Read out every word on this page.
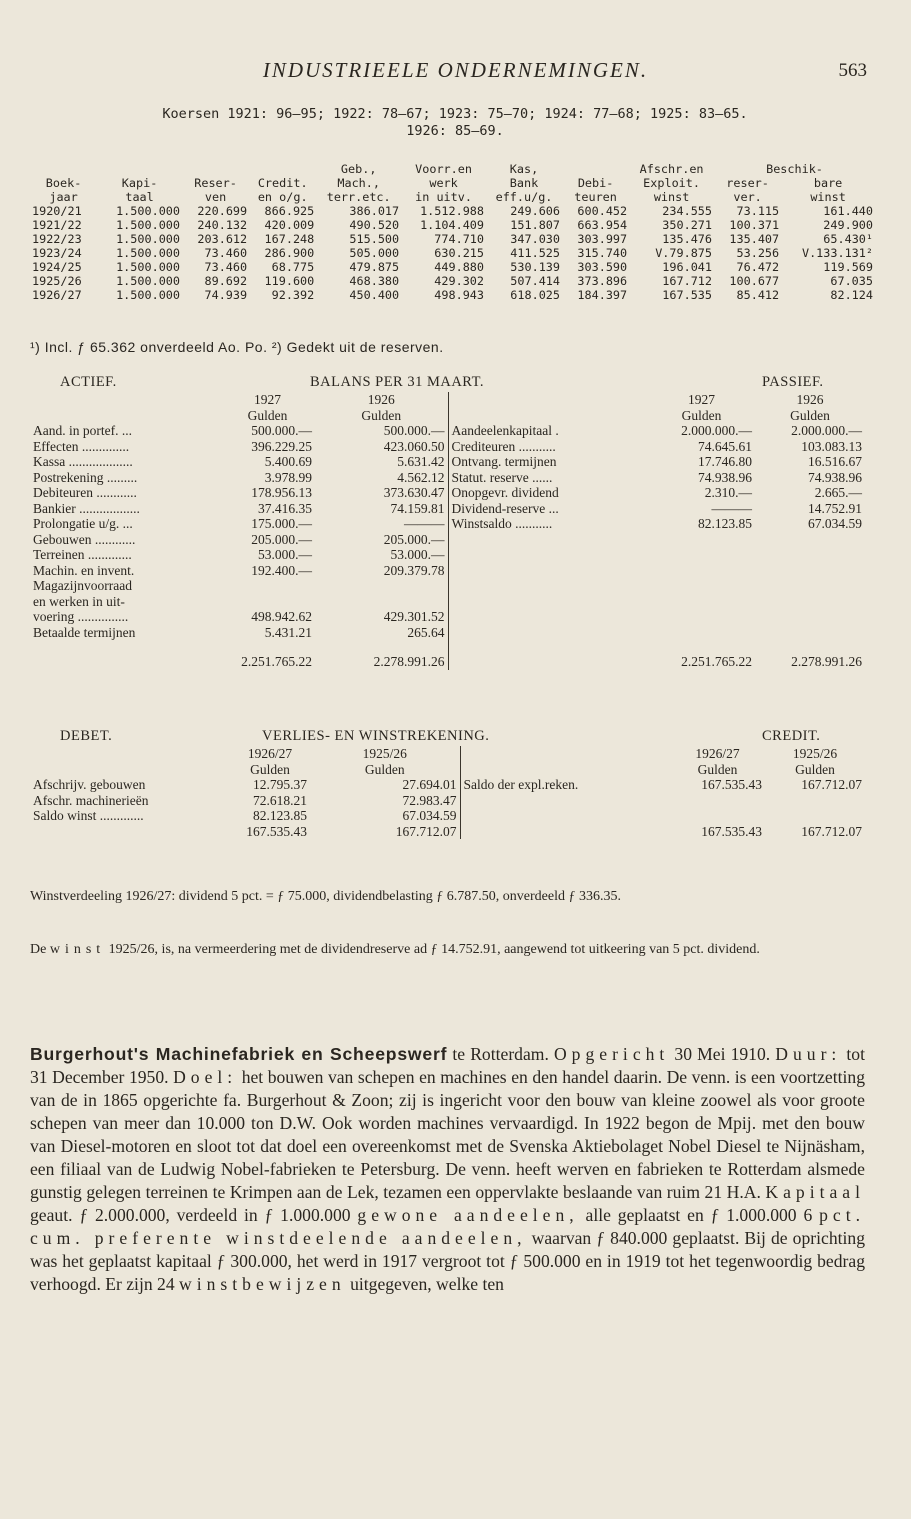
INDUSTRIEELE ONDERNEMINGEN.	563
Koersen 1921: 96—95; 1922: 78—67; 1923: 75—70; 1924: 77—68; 1925: 83—65.
1926: 85—69.
				Geb.,	Voorr.en	Kas,		Afschr.en	Beschik-	
Boek-	Kapi-	Reser-	Credit.	Mach.,	werk	Bank	Debi-	Exploit.	reser-	bare
jaar	taal	ven	en o/g.	terr.etc.	in uitv.	eff.u/g.	teuren	winst	ver.	winst
1920/21	1.500.000	220.699	866.925	386.017	1.512.988	249.606	600.452	234.555	73.115	161.440
1921/22	1.500.000	240.132	420.009	490.520	1.104.409	151.807	663.954	350.271	100.371	249.900
1922/23	1.500.000	203.612	167.248	515.500	774.710	347.030	303.997	135.476	135.407	65.430¹
1923/24	1.500.000	73.460	286.900	505.000	630.215	411.525	315.740	V.79.875	53.256	V.133.131²
1924/25	1.500.000	73.460	68.775	479.875	449.880	530.139	303.590	196.041	76.472	119.569
1925/26	1.500.000	89.692	119.600	468.380	429.302	507.414	373.896	167.712	100.677	67.035
1926/27	1.500.000	74.939	92.392	450.400	498.943	618.025	184.397	167.535	85.412	82.124
¹) Incl. ƒ 65.362 onverdeeld Ao. Po. ²) Gedekt uit de reserven.
ACTIEF.	BALANS PER 31 MAART.	PASSIEF.
	1927	1926		1927	1926
	Gulden	Gulden		Gulden	Gulden
Aand. in portef. ...	500.000.—	500.000.—	Aandeelenkapitaal .	2.000.000.—	2.000.000.—
Effecten ..............	396.229.25	423.060.50	Crediteuren ...........	74.645.61	103.083.13
Kassa ...................	5.400.69	5.631.42	Ontvang. termijnen	17.746.80	16.516.67
Postrekening .........	3.978.99	4.562.12	Statut. reserve ......	74.938.96	74.938.96
Debiteuren ............	178.956.13	373.630.47	Onopgevr. dividend	2.310.—	2.665.—
Bankier ..................	37.416.35	74.159.81	Dividend-reserve ...	———	14.752.91
Prolongatie u/g. ...	175.000.—	———	Winstsaldo ...........	82.123.85	67.034.59
Gebouwen ............	205.000.—	205.000.—			
Terreinen .............	53.000.—	53.000.—			
Machin. en invent.	192.400.—	209.379.78			
Magazijnvoorraad					
en werken in uit-					
voering ...............	498.942.62	429.301.52			
Betaalde termijnen	5.431.21	265.64			
	2.251.765.22	2.278.991.26		2.251.765.22	2.278.991.26
DEBET.	VERLIES- EN WINSTREKENING.	CREDIT.
	1926/27	1925/26		1926/27	1925/26
	Gulden	Gulden		Gulden	Gulden
Afschrijv. gebouwen	12.795.37	27.694.01	Saldo der expl.reken.	167.535.43	167.712.07
Afschr. machinerieën	72.618.21	72.983.47			
Saldo winst .............	82.123.85	67.034.59			
	167.535.43	167.712.07		167.535.43	167.712.07
Winstverdeeling 1926/27: dividend 5 pct. = ƒ 75.000, dividendbelasting ƒ 6.787.50, onverdeeld ƒ 336.35.
De winst 1925/26, is, na vermeerdering met de dividendreserve ad ƒ 14.752.91, aangewend tot uitkeering van 5 pct. dividend.
Burgerhout's Machinefabriek en Scheepswerf te Rotterdam. Opgericht 30 Mei 1910. Duur: tot 31 December 1950. Doel: het bouwen van schepen en machines en den handel daarin. De venn. is een voortzetting van de in 1865 opgerichte fa. Burgerhout & Zoon; zij is ingericht voor den bouw van kleine zoowel als voor groote schepen van meer dan 10.000 ton D.W. Ook worden machines vervaardigd. In 1922 begon de Mpij. met den bouw van Diesel-motoren en sloot tot dat doel een overeenkomst met de Svenska Aktiebolaget Nobel Diesel te Nijnäsham, een filiaal van de Ludwig Nobel-fabrieken te Petersburg. De venn. heeft werven en fabrieken te Rotterdam alsmede gunstig gelegen terreinen te Krimpen aan de Lek, tezamen een oppervlakte beslaande van ruim 21 H.A. Kapitaal geaut. ƒ 2.000.000, verdeeld in ƒ 1.000.000 gewone aandeelen, alle geplaatst en ƒ 1.000.000 6 pct. cum. preferente winstdeelende aandeelen, waarvan ƒ 840.000 geplaatst. Bij de oprichting was het geplaatst kapitaal ƒ 300.000, het werd in 1917 vergroot tot ƒ 500.000 en in 1919 tot het tegenwoordig bedrag verhoogd. Er zijn 24 winstbewijzen uitgegeven, welke ten
